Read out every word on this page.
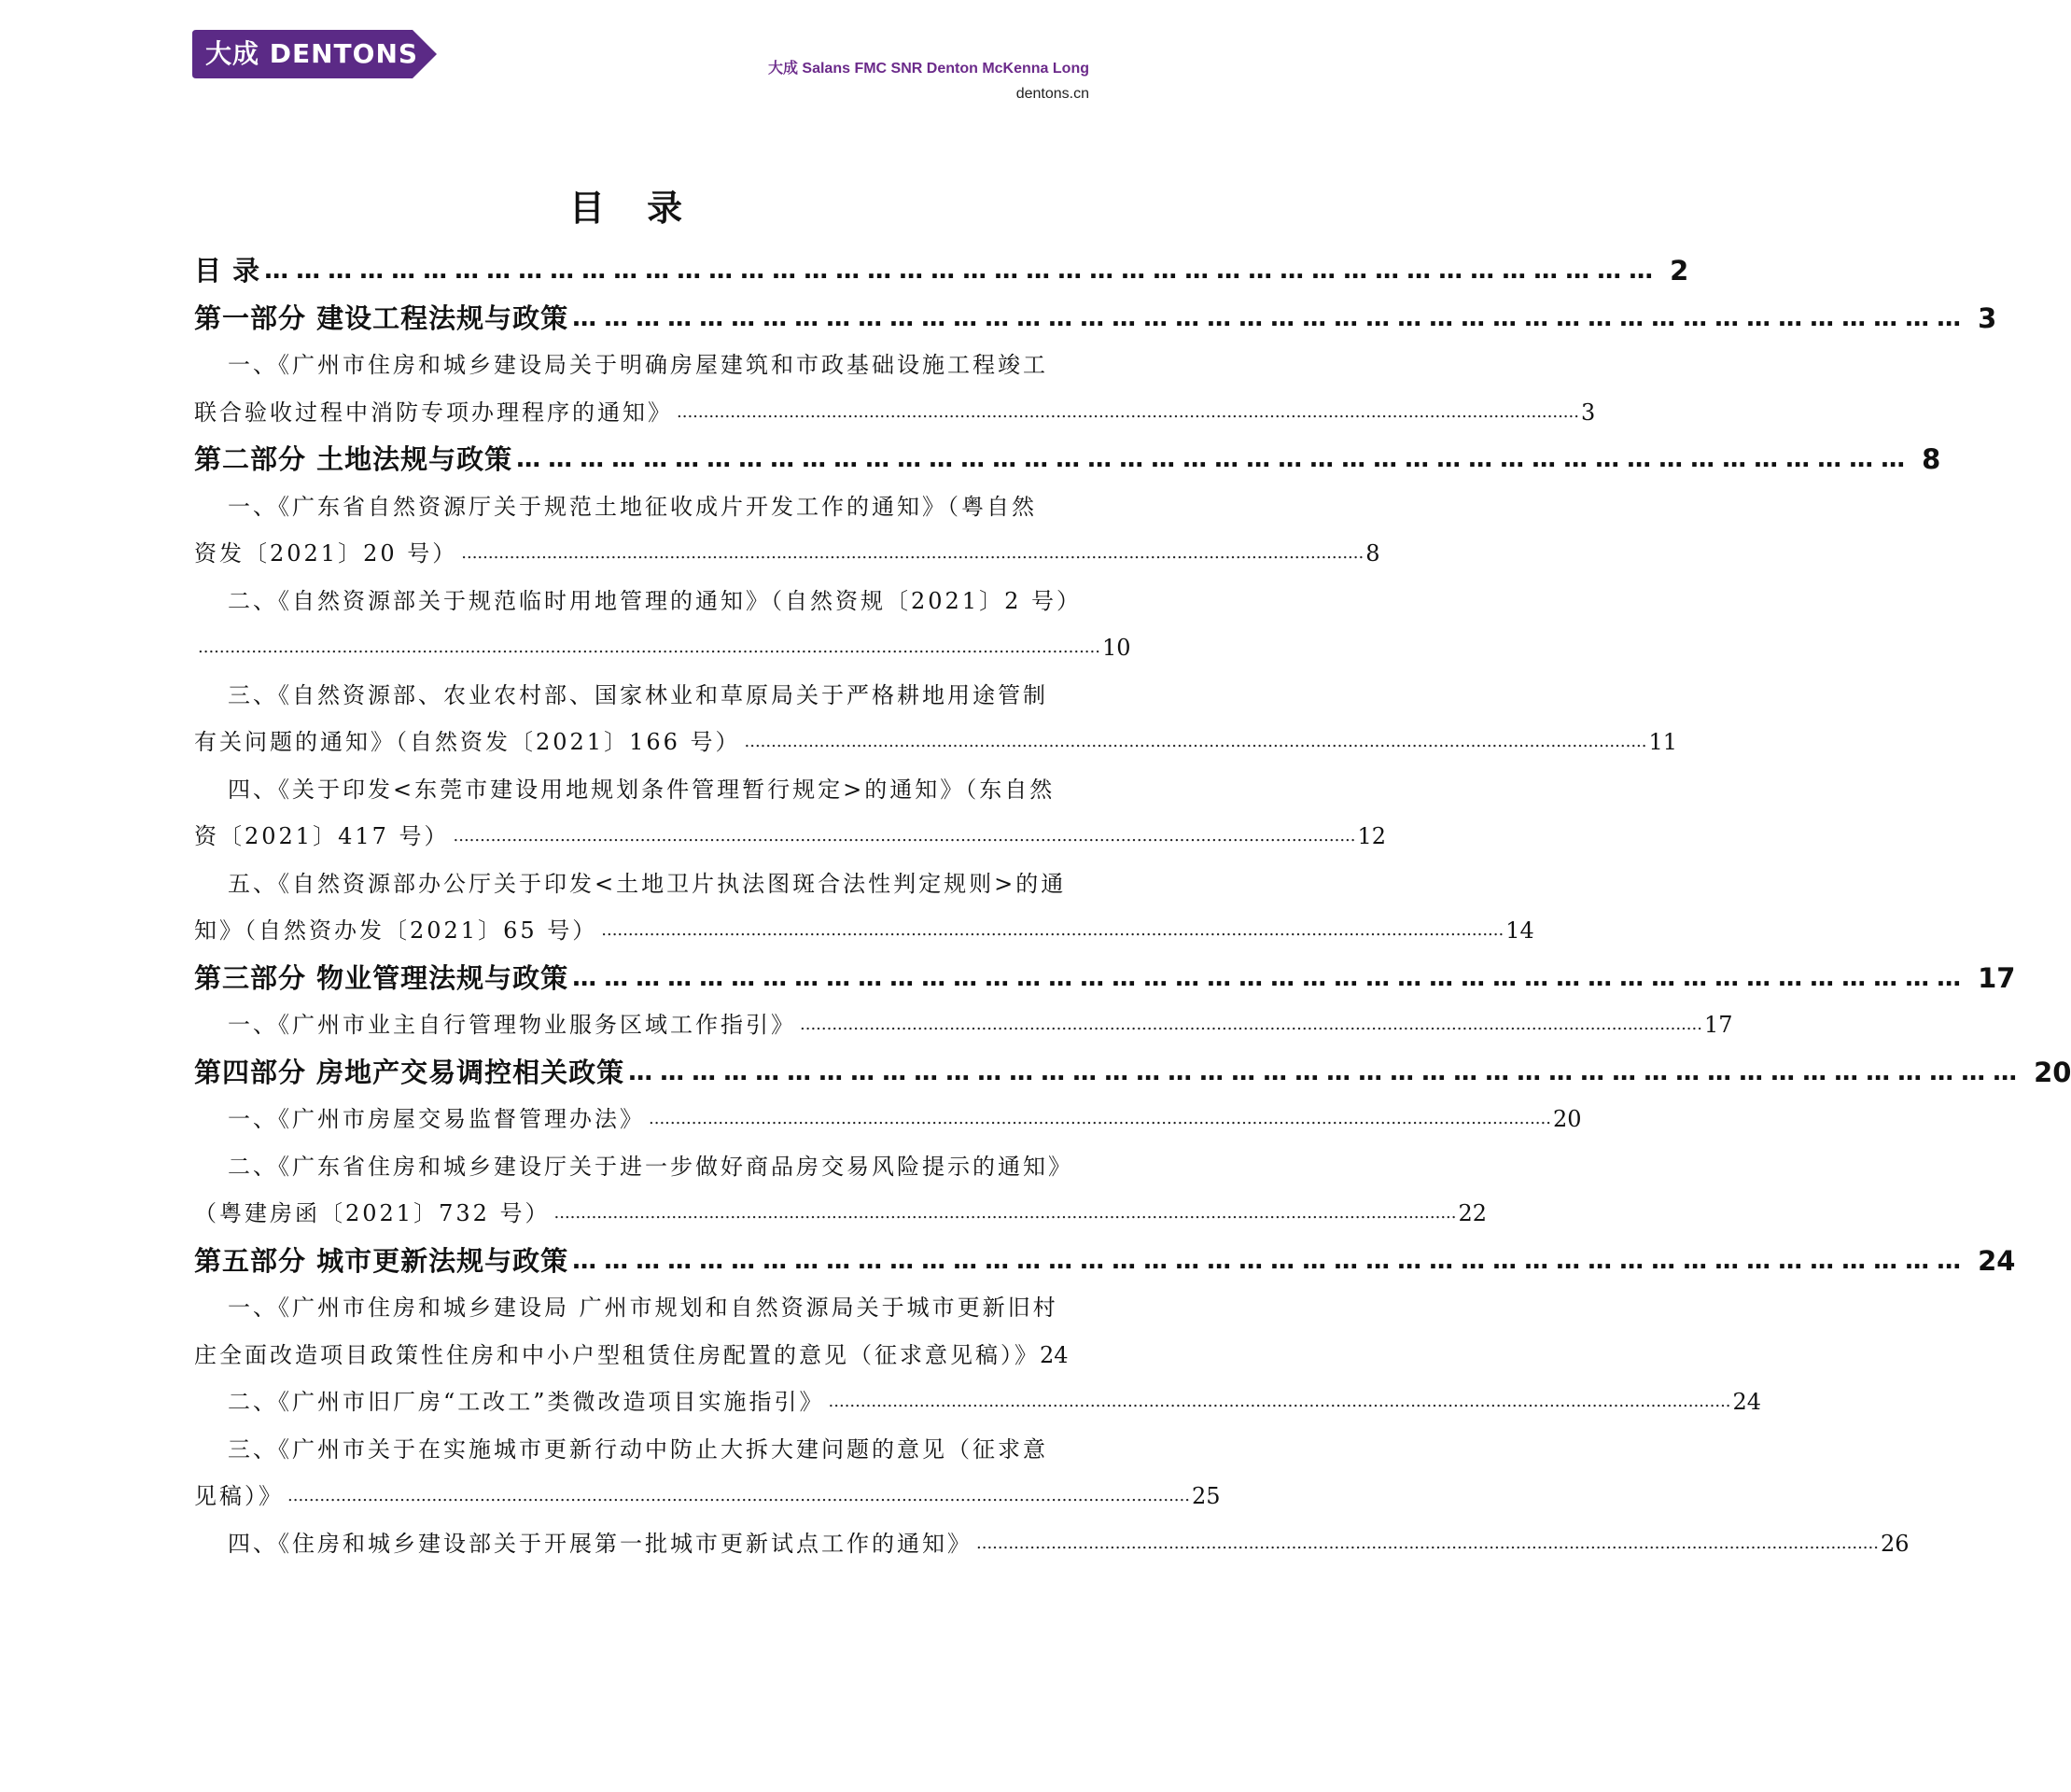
大成 DENTONS	大成 Salans FMC SNR Denton McKenna Long
dentons.cn
目 录
目 录 …………………………………………………………………………………………………………………… 2
第一部分 建设工程法规与政策 …………………………………………………………………………………………………………………… 3
一、《广州市住房和城乡建设局关于明确房屋建筑和市政基础设施工程竣工
联合验收过程中消防专项办理程序的通知》 ......................................................................................................................................................................... 3
第二部分 土地法规与政策 …………………………………………………………………………………………………………………… 8
一、《广东省自然资源厅关于规范土地征收成片开发工作的通知》（粤自然
资发〔2021〕20 号） ......................................................................................................................................................................... 8
二、《自然资源部关于规范临时用地管理的通知》（自然资规〔2021〕2 号）
......................................................................................................................................................................... 10
三、《自然资源部、农业农村部、国家林业和草原局关于严格耕地用途管制
有关问题的通知》（自然资发〔2021〕166 号） ......................................................................................................................................................................... 11
四、《关于印发<东莞市建设用地规划条件管理暂行规定>的通知》（东自然
资〔2021〕417 号） ......................................................................................................................................................................... 12
五、《自然资源部办公厅关于印发<土地卫片执法图斑合法性判定规则>的通
知》（自然资办发〔2021〕65 号） ......................................................................................................................................................................... 14
第三部分 物业管理法规与政策 …………………………………………………………………………………………………………………… 17
一、《广州市业主自行管理物业服务区域工作指引》 ......................................................................................................................................................................... 17
第四部分 房地产交易调控相关政策 …………………………………………………………………………………………………………………… 20
一、《广州市房屋交易监督管理办法》 ......................................................................................................................................................................... 20
二、《广东省住房和城乡建设厅关于进一步做好商品房交易风险提示的通知》
（粤建房函〔2021〕732 号） ......................................................................................................................................................................... 22
第五部分 城市更新法规与政策 …………………………………………………………………………………………………………………… 24
一、《广州市住房和城乡建设局 广州市规划和自然资源局关于城市更新旧村
庄全面改造项目政策性住房和中小户型租赁住房配置的意见（征求意见稿）》 24
二、《广州市旧厂房“工改工”类微改造项目实施指引》 ......................................................................................................................................................................... 24
三、《广州市关于在实施城市更新行动中防止大拆大建问题的意见（征求意
见稿）》 ......................................................................................................................................................................... 25
四、《住房和城乡建设部关于开展第一批城市更新试点工作的通知》 ......................................................................................................................................................................... 26
